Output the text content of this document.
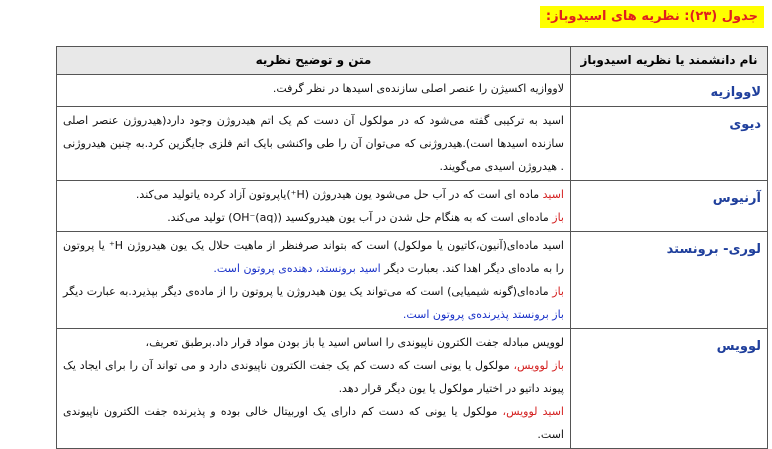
جدول (۲۳): نظریه های اسیدوباز:
نام دانشمند یا نظریه اسیدوباز	متن و توضیح نظریه
لاووازیه	لاووازیه اکسیژن را عنصر اصلی سازنده‌ی اسیدها در نظر گرفت.
دیوی	اسید به ترکیبی گفته می‌شود که در مولکول آن دست کم یک اتم هیدروژن وجود دارد(هیدروژن عنصر اصلی سازنده اسیدها است).هیدروژنی که می‌توان آن را طی واکنشی بایک اتم فلزی جایگزین کرد.به چنین هیدروژنی . هیدروژن اسیدی می‌گویند.
آرنیوس	اسید ماده ای است که در آب حل می‌شود یون هیدروژن (H⁺)یاپروتون آزاد کرده یاتولید می‌کند.
باز ماده‌ای است که به هنگام حل شدن در آب یون هیدروکسید (OH⁻(aq)) تولید می‌کند.
لوری- برونستد	اسید ماده‌ای(آنیون،کاتیون یا مولکول) است که بتواند صرفنظر از ماهیت حلال یک یون هیدروژن H⁺ یا پروتون را به ماده‌ای دیگر اهدا کند. بعبارت دیگر اسید برونستد، دهنده‌ی پروتون است.
باز ماده‌ای(گونه شیمیایی) است که می‌تواند یک یون هیدروژن یا پروتون را از ماده‌ی دیگر بپذیرد.به عبارت دیگر باز برونستد پذیرنده‌ی پروتون است.
لوویس	لوویس مبادله جفت الکترون ناپیوندی را اساس اسید یا باز بودن مواد قرار داد.برطبق تعریف،
باز لوویس، مولکول یا یونی است که دست کم یک جفت الکترون ناپیوندی دارد و می تواند آن را برای ایجاد یک پیوند داتیو در اختیار مولکول یا یون دیگر قرار دهد.
اسید لوویس، مولکول یا یونی که دست کم دارای یک اوربیتال خالی بوده و پذیرنده جفت الکترون ناپیوندی است.
